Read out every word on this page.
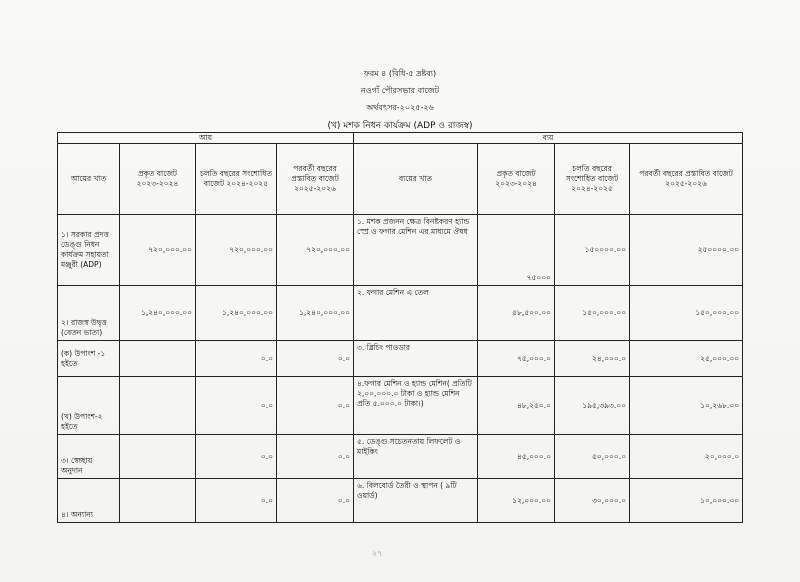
ফরম ৪ (বিধি-৫ দ্রষ্টব্য)
নওগাঁ পৌরসভার বাজেট
অর্থবৎসর-২০২৫-২৬
(খ) মশক নিধন কার্যক্রম (ADP ও রাজস্ব)
আয়				ব্যয়			
আয়ের খাত	প্রকৃত বাজেট ২০২৩-২০২৪	চলতি বছরের সংশোধিত বাজেট ২০২৪-২০২৫	পরবর্তী বছরের প্রস্তাবিত বাজেট ২০২৫-২০২৬	ব্যয়ের খাত	প্রকৃত বাজেট ২০২৩-২০২৪	চলতি বছরের সংশোধিত বাজেট ২০২৪-২০২৫	পরবর্তী বছরের প্রস্তাবিত বাজেট ২০২৫-২০২৬
১। সরকার প্রদত্ত ডেঙ্গু নিধন কার্যক্রম সহায়তা মঞ্জুরী (ADP)	৭২০,০০০.০০	৭২০,০০০.০০	৭২০,০০০.০০	১. মশক প্রজনন ক্ষেত্র বিনষ্টকরণ হ্যান্ড স্প্রে ও ফগার মেশিন এর মাধ্যমে ঔষধ	৭৫০০০	১৫০০০০.০০	২৫০০০০.০০
২। রাজস্ব উদ্বৃত্ত (বেতন ভাতা)	১,২৪০,০০০.০০	১,২৪০,০০০.০০	১,২৪০,০০০.০০	২. ফগার মেশিন এ তেল	৫৮,৫০০.০০	১৫০,০০০.০০	১৫০,০০০.০০
(ক) উপাংশ -১ হইতে		০.০	০.০	৩. ব্লিচিং পাওডার	৭৫,০০০.০	২৪,০০০.০	২৫,০০০.০০
(খ) উপাংশ-২ হইতে		০.০	০.০	৪.ফগার মেশিন ও হ্যান্ড মেশিন( প্রতিটি ২,০০,০০০.০ টাকা ও হ্যান্ড মেশিন প্রতি ৫.০০০.০ টাকা।)	৪৮,২৫০.০	১৯৫,৩৯৩.০০	১০,২৬৮.০০
৩। স্বেচ্ছায় অনুদান		০.০	০.০	৫. ডেঙ্গু সচেতনতায় লিফলেট ও মাইকিং	৪৫,০০০.০	৫০,০০০.০	২০,০০০.০
৪। অন্যান্য		০.০	০.০	৬. বিলবোর্ড তৈরী ও স্থাপন ( ৯টি ওয়ার্ড)	১২,০০০.০০	৩০,০০০.০	১০,০০০.০০
২৭
